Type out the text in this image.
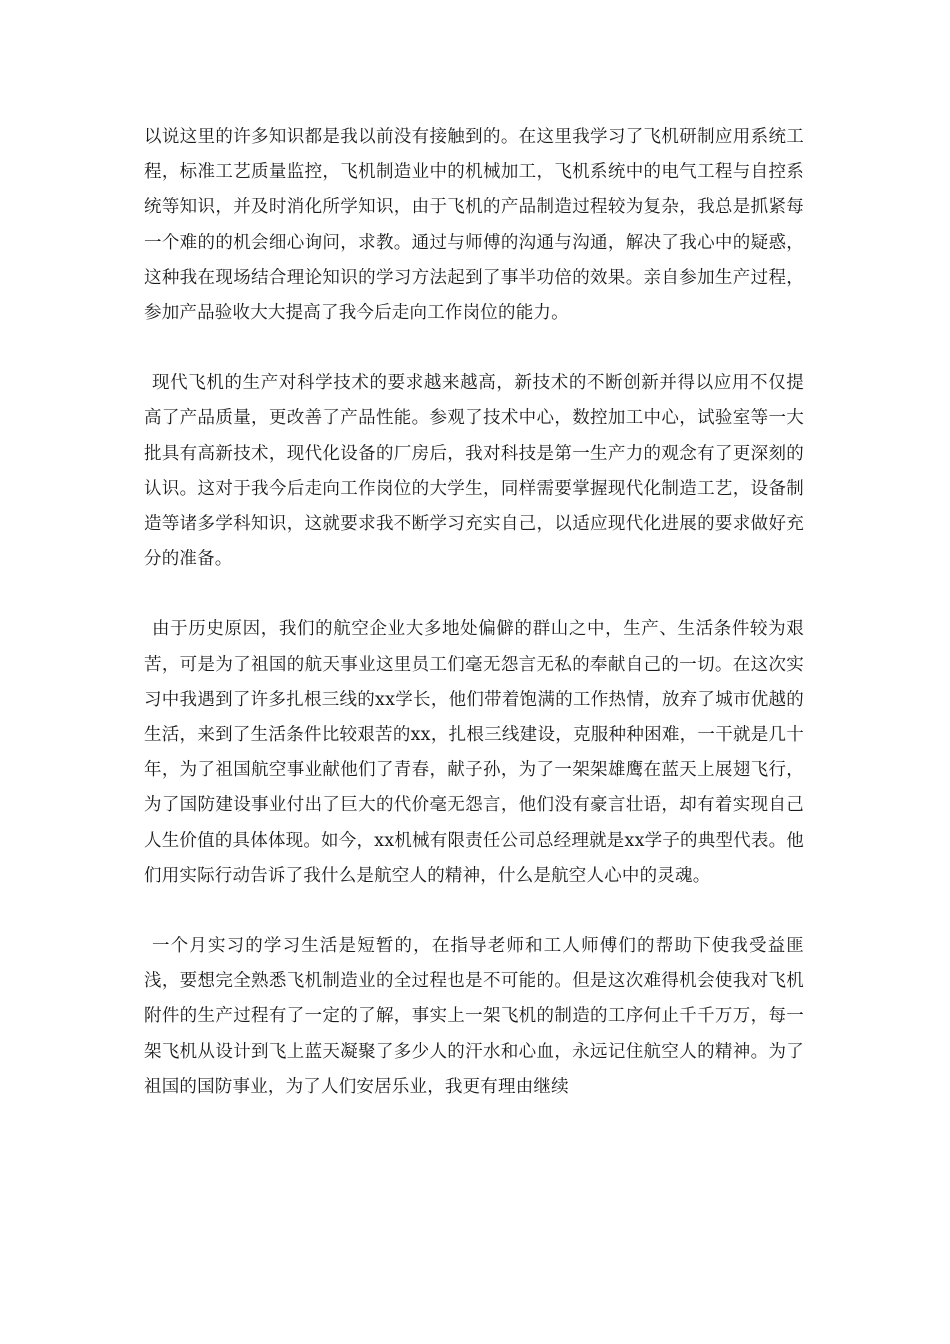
以说这里的许多知识都是我以前没有接触到的。在这里我学习了飞机研制应用系统工程，标准工艺质量监控，飞机制造业中的机械加工，飞机系统中的电气工程与自控系统等知识，并及时消化所学知识，由于飞机的产品制造过程较为复杂，我总是抓紧每一个难的的机会细心询问，求教。通过与师傅的沟通与沟通，解决了我心中的疑惑，这种我在现场结合理论知识的学习方法起到了事半功倍的效果。亲自参加生产过程，参加产品验收大大提高了我今后走向工作岗位的能力。

现代飞机的生产对科学技术的要求越来越高，新技术的不断创新并得以应用不仅提高了产品质量，更改善了产品性能。参观了技术中心，数控加工中心，试验室等一大批具有高新技术，现代化设备的厂房后，我对科技是第一生产力的观念有了更深刻的认识。这对于我今后走向工作岗位的大学生，同样需要掌握现代化制造工艺，设备制造等诸多学科知识，这就要求我不断学习充实自己，以适应现代化进展的要求做好充分的准备。

由于历史原因，我们的航空企业大多地处偏僻的群山之中，生产、生活条件较为艰苦，可是为了祖国的航天事业这里员工们毫无怨言无私的奉献自己的一切。在这次实习中我遇到了许多扎根三线的xx学长，他们带着饱满的工作热情，放弃了城市优越的生活，来到了生活条件比较艰苦的xx，扎根三线建设，克服种种困难，一干就是几十年，为了祖国航空事业献他们了青春，献子孙，为了一架架雄鹰在蓝天上展翅飞行，为了国防建设事业付出了巨大的代价毫无怨言，他们没有豪言壮语，却有着实现自己人生价值的具体体现。如今，xx机械有限责任公司总经理就是xx学子的典型代表。他们用实际行动告诉了我什么是航空人的精神，什么是航空人心中的灵魂。

一个月实习的学习生活是短暂的，在指导老师和工人师傅们的帮助下使我受益匪浅，要想完全熟悉飞机制造业的全过程也是不可能的。但是这次难得机会使我对飞机附件的生产过程有了一定的了解，事实上一架飞机的制造的工序何止千千万万，每一架飞机从设计到飞上蓝天凝聚了多少人的汗水和心血，永远记住航空人的精神。为了祖国的国防事业，为了人们安居乐业，我更有理由继续
